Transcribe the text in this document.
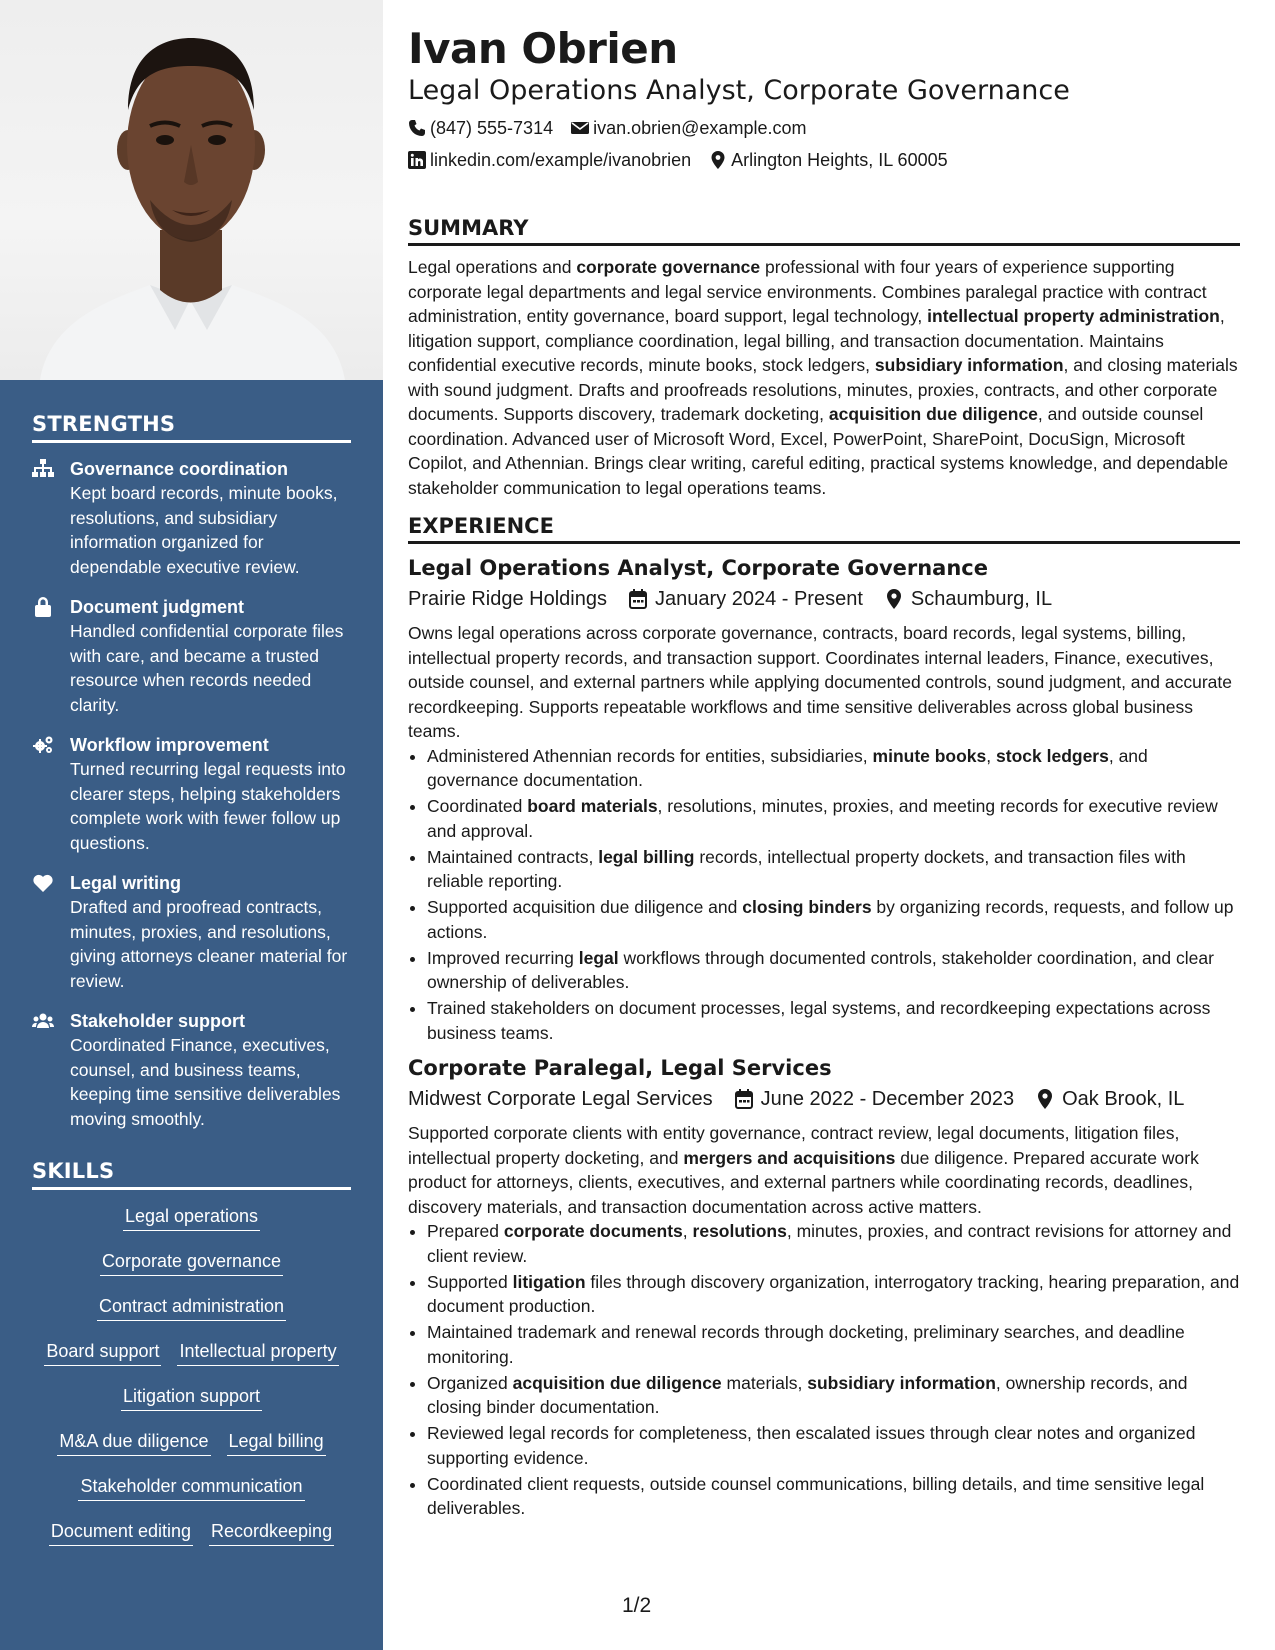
STRENGTHS
Governance coordination
Kept board records, minute books, resolutions, and subsidiary information organized for dependable executive review.
Document judgment
Handled confidential corporate files with care, and became a trusted resource when records needed clarity.
Workflow improvement
Turned recurring legal requests into clearer steps, helping stakeholders complete work with fewer follow up questions.
Legal writing
Drafted and proofread contracts, minutes, proxies, and resolutions, giving attorneys cleaner material for review.
Stakeholder support
Coordinated Finance, executives, counsel, and business teams, keeping time sensitive deliverables moving smoothly.
SKILLS
Legal operations
Corporate governance
Contract administration
Board support Intellectual property
Litigation support
M&A due diligence Legal billing
Stakeholder communication
Document editing Recordkeeping
Ivan Obrien
Legal Operations Analyst, Corporate Governance
(847) 555-7314 ivan.obrien@example.com
linkedin.com/example/ivanobrien Arlington Heights, IL 60005
SUMMARY

Legal operations and corporate governance professional with four years of experience supporting corporate legal departments and legal service environments. Combines paralegal practice with contract administration, entity governance, board support, legal technology, intellectual property administration, litigation support, compliance coordination, legal billing, and transaction documentation. Maintains confidential executive records, minute books, stock ledgers, subsidiary information, and closing materials with sound judgment. Drafts and proofreads resolutions, minutes, proxies, contracts, and other corporate documents. Supports discovery, trademark docketing, acquisition due diligence, and outside counsel coordination. Advanced user of Microsoft Word, Excel, PowerPoint, SharePoint, DocuSign, Microsoft Copilot, and Athennian. Brings clear writing, careful editing, practical systems knowledge, and dependable stakeholder communication to legal operations teams.

EXPERIENCE
Legal Operations Analyst, Corporate Governance
Prairie Ridge Holdings January 2024 - Present Schaumburg, IL

Owns legal operations across corporate governance, contracts, board records, legal systems, billing, intellectual property records, and transaction support. Coordinates internal leaders, Finance, executives, outside counsel, and external partners while applying documented controls, sound judgment, and accurate recordkeeping. Supports repeatable workflows and time sensitive deliverables across global business teams.

• Administered Athennian records for entities, subsidiaries, minute books, stock ledgers, and governance documentation.
• Coordinated board materials, resolutions, minutes, proxies, and meeting records for executive review and approval.
• Maintained contracts, legal billing records, intellectual property dockets, and transaction files with reliable reporting.
• Supported acquisition due diligence and closing binders by organizing records, requests, and follow up actions.
• Improved recurring legal workflows through documented controls, stakeholder coordination, and clear ownership of deliverables.
• Trained stakeholders on document processes, legal systems, and recordkeeping expectations across business teams.
Corporate Paralegal, Legal Services
Midwest Corporate Legal Services June 2022 - December 2023 Oak Brook, IL

Supported corporate clients with entity governance, contract review, legal documents, litigation files, intellectual property docketing, and mergers and acquisitions due diligence. Prepared accurate work product for attorneys, clients, executives, and external partners while coordinating records, deadlines, discovery materials, and transaction documentation across active matters.

• Prepared corporate documents, resolutions, minutes, proxies, and contract revisions for attorney and client review.
• Supported litigation files through discovery organization, interrogatory tracking, hearing preparation, and document production.
• Maintained trademark and renewal records through docketing, preliminary searches, and deadline monitoring.
• Organized acquisition due diligence materials, subsidiary information, ownership records, and closing binder documentation.
• Reviewed legal records for completeness, then escalated issues through clear notes and organized supporting evidence.
• Coordinated client requests, outside counsel communications, billing details, and time sensitive legal deliverables.
1/2
